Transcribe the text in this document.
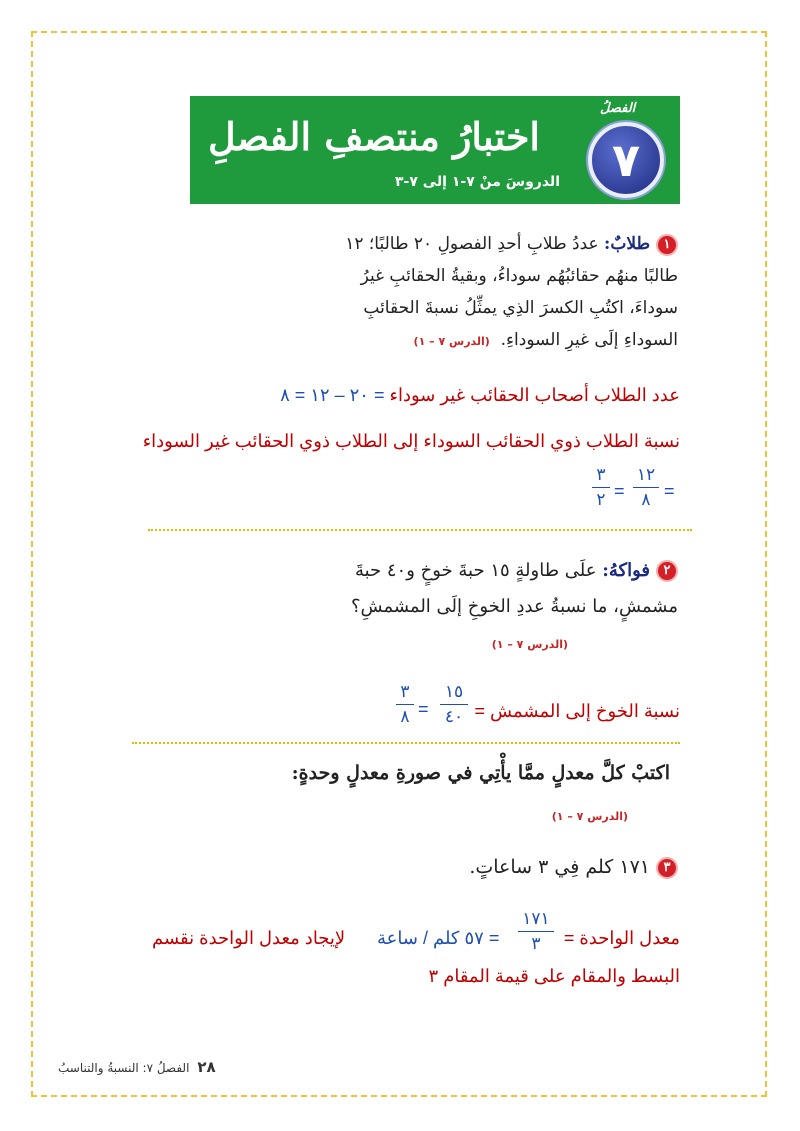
اختبارُ منتصفِ الفصلِ
الدروسَ منْ ٧-١ إلى ٧-٣
الفصلُ
٧
١طلابٌ: عددُ طلابِ أحدِ الفصولِ ٢٠ طالبًا؛ ١٢
طالبًا منهُم حقائبُهُم سوداءُ، وبقيةُ الحقائبِ غيرُ
سوداءَ، اكتُبِ الكسرَ الذِي يمثِّلُ نسبةَ الحقائبِ
السوداءِ إلَى غيرِ السوداءِ.  (الدرس ٧ – ١)
عدد الطلاب أصحاب الحقائب غير سوداء = ٢٠ – ١٢ = ٨
نسبة الطلاب ذوي الحقائب السوداء إلى الطلاب ذوي الحقائب غير السوداء
=
١٢
٨
=
٣
٢
٢فواكهُ: علَى طاولةٍ ١٥ حبةَ خوخٍ و٤٠ حبةَ
مشمشٍ، ما نسبةُ عددِ الخوخِ إلَى المشمشِ؟
(الدرس ٧ – ١)
نسبة الخوخ إلى المشمش =
١٥
٤٠
=
٣
٨
اكتبْ كلَّ معدلٍ ممَّا يأْتِي في صورةِ معدلٍ وحدةٍ:
(الدرس ٧ – ١)
٣١٧١ كلم فِي ٣ ساعاتٍ.
معدل الواحدة =
١٧١
٣
= ٥٧ كلم / ساعة
لإيجاد معدل الواحدة نقسم
البسط والمقام على قيمة المقام ٣
٢٨الفصلُ ٧: النسبةُ والتناسبُ
